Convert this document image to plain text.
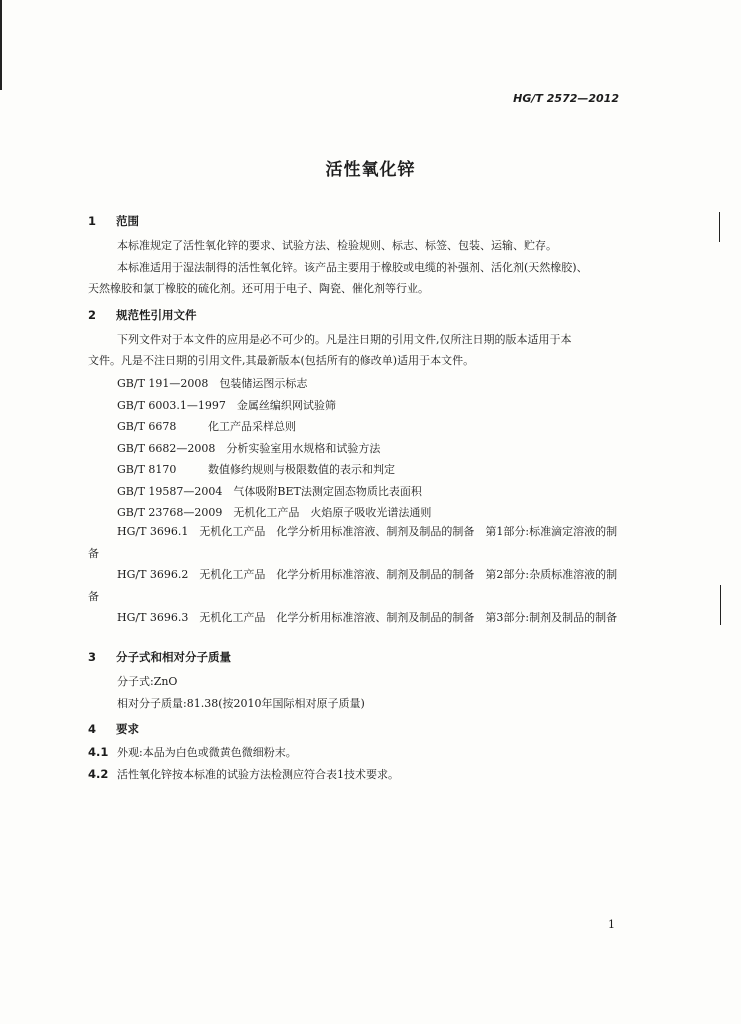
HG/T 2572—2012
活性氧化锌
1 范围
本标准规定了活性氧化锌的要求、试验方法、检验规则、标志、标签、包装、运输、贮存。
本标准适用于湿法制得的活性氧化锌。该产品主要用于橡胶或电缆的补强剂、活化剂(天然橡胶)、
天然橡胶和氯丁橡胶的硫化剂。还可用于电子、陶瓷、催化剂等行业。
2 规范性引用文件
下列文件对于本文件的应用是必不可少的。凡是注日期的引用文件,仅所注日期的版本适用于本
文件。凡是不注日期的引用文件,其最新版本(包括所有的修改单)适用于本文件。
GB/T 191—2008　 包装储运图示标志
GB/T 6003.1—1997　 金属丝编织网试验筛
GB/T 6678　	化工产品采样总则
GB/T 6682—2008　 分析实验室用水规格和试验方法
GB/T 8170　	数值修约规则与极限数值的表示和判定
GB/T 19587—2004　 气体吸附BET法测定固态物质比表面积
GB/T 23768—2009　 无机化工产品　火焰原子吸收光谱法通则
HG/T 3696.1　无机化工产品　化学分析用标准溶液、制剂及制品的制备　第1部分:标准滴定溶液的制备
HG/T 3696.2　无机化工产品　化学分析用标准溶液、制剂及制品的制备　第2部分:杂质标准溶液的制备
HG/T 3696.3　无机化工产品　化学分析用标准溶液、制剂及制品的制备　第3部分:制剂及制品的制备
3 分子式和相对分子质量
分子式:ZnO
相对分子质量:81.38(按2010年国际相对原子质量)
4 要求
4.1 外观:本品为白色或微黄色微细粉末。
4.2 活性氧化锌按本标准的试验方法检测应符合表1技术要求。
1
